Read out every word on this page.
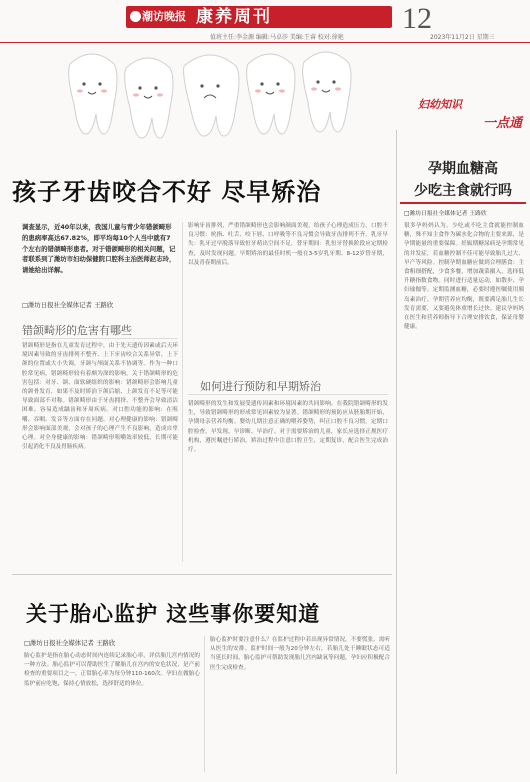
潮访晚报 康养周刊	12
值班主任:李金源 编辑:马卓莎 美编:王睿 校对:徐艳	2023年11月2日 星期三
妇幼知识
一点通
孩子牙齿咬合不好 尽早矫治
调查显示，近40年以来，我国儿童与青少年错颌畸形的患病率高达67.82%，即平均每10个人当中就有7个左右的错颌畸形患者。对于错颌畸形的相关问题，记者联系到了潍坊市妇幼保健院口腔科主治医师赵志玲，请她给出详解。
□潍坊日报社全媒体记者 王路欣
错颌畸形的危害有哪些
错颌畸形是指在儿童发育过程中，由于先天遗传因素或后天环境因素导致的牙齿排列不整齐、上下牙齿咬合关系异常、上下颌的位置或大小失调，牙颌与颅面关系不协调等。作为一种口腔常见病，错颌畸形较有着颇为深的影响。关于错颌畸形的危害包括：对牙、颌、面软硬组织的影响：错颌畸形会影响儿童的颌骨发育，如果不及时矫治下颌后缩、上颌发育不足等可能导致面部不对称。错颌畸形由于牙齿拥挤、不整齐会导致清洁困难，容易造成龋齿和牙周疾病。对口腔功能的影响：在咀嚼、吞咽、发音等方面存在问题。对心理健康的影响：错颌畸形会影响面部美观，会对孩子的心理产生不良影响，造成自卑心理。对全身健康的影响：错颌畸形咀嚼效率较低，长期可能引起消化不良及胃肠疾病。
影响牙齿排列，严重错颌畸形也会影响颜面美观，给孩子心理造成压力。口腔不良习惯：吮指、吐舌、咬下唇、口呼吸等不良习惯会导致牙齿排列不齐。乳牙早失：乳牙过早脱落导致恒牙萌出空间不足。替牙期间：乳恒牙替换阶段应定期检查，及时发现问题。早期矫治的最佳时机一般在3-5岁乳牙期、8-12岁替牙期，以及青春期前后。
如何进行预防和早期矫治
错颌畸形的发生和发展受遗传因素和环境因素的共同影响。在我院错颌畸形的发生，导致错颌畸形的形成常见因素较为显著。错颌畸形的预防应从胚胎期开始，孕期母亲营养均衡。婴幼儿期注意正确的喂养姿势，纠正口腔不良习惯。定期口腔检查，早发现、早诊断、早治疗。对于需要矫治的儿童，家长应选择正规医疗机构，遵医嘱进行矫治，矫治过程中注意口腔卫生，定期复诊，配合医生完成治疗。
关于胎心监护 这些事你要知道
□潍坊日报社全媒体记者 王路欣
胎心监护是指在胎心动态时间内连续记录胎心率，评估胎儿宫内情况的一种方法。胎心监护可以帮助医生了解胎儿在宫内的安危状况，是产前检查的重要项目之一。正常胎心率为每分钟110-160次。孕妇在做胎心监护前应吃饱，保持心情放松，选择舒适的体位。
胎心监护时要注意什么？在监护过程中若出现异常情况，不要慌张，需听从医生的安排。监护时间一般为20分钟左右，若胎儿处于睡眠状态可适当延长时间。胎心监护可帮助发现胎儿宫内缺氧等问题，孕妇应积极配合医生完成检查。
孕期血糖高
少吃主食就行吗
□潍坊日报社全媒体记者 王路欣
很多孕妈妈认为，少吃或不吃主食就能控制血糖，殊不知主食作为碳水化合物的主要来源，是孕期能量的重要保障。妊娠期糖尿病是孕期常见的并发症，若血糖控制不佳可能导致胎儿过大、早产等风险。控制孕期血糖应做到合理膳食：主食粗细搭配，少食多餐，增加蔬菜摄入，选择低升糖指数食物。同时进行适量运动，如散步、孕妇瑜伽等。定期监测血糖，必要时遵医嘱使用胰岛素治疗。孕期营养应均衡，既要满足胎儿生长发育需要，又要避免体重增长过快。建议孕妈妈在医生和营养师指导下合理安排饮食，保证母婴健康。
